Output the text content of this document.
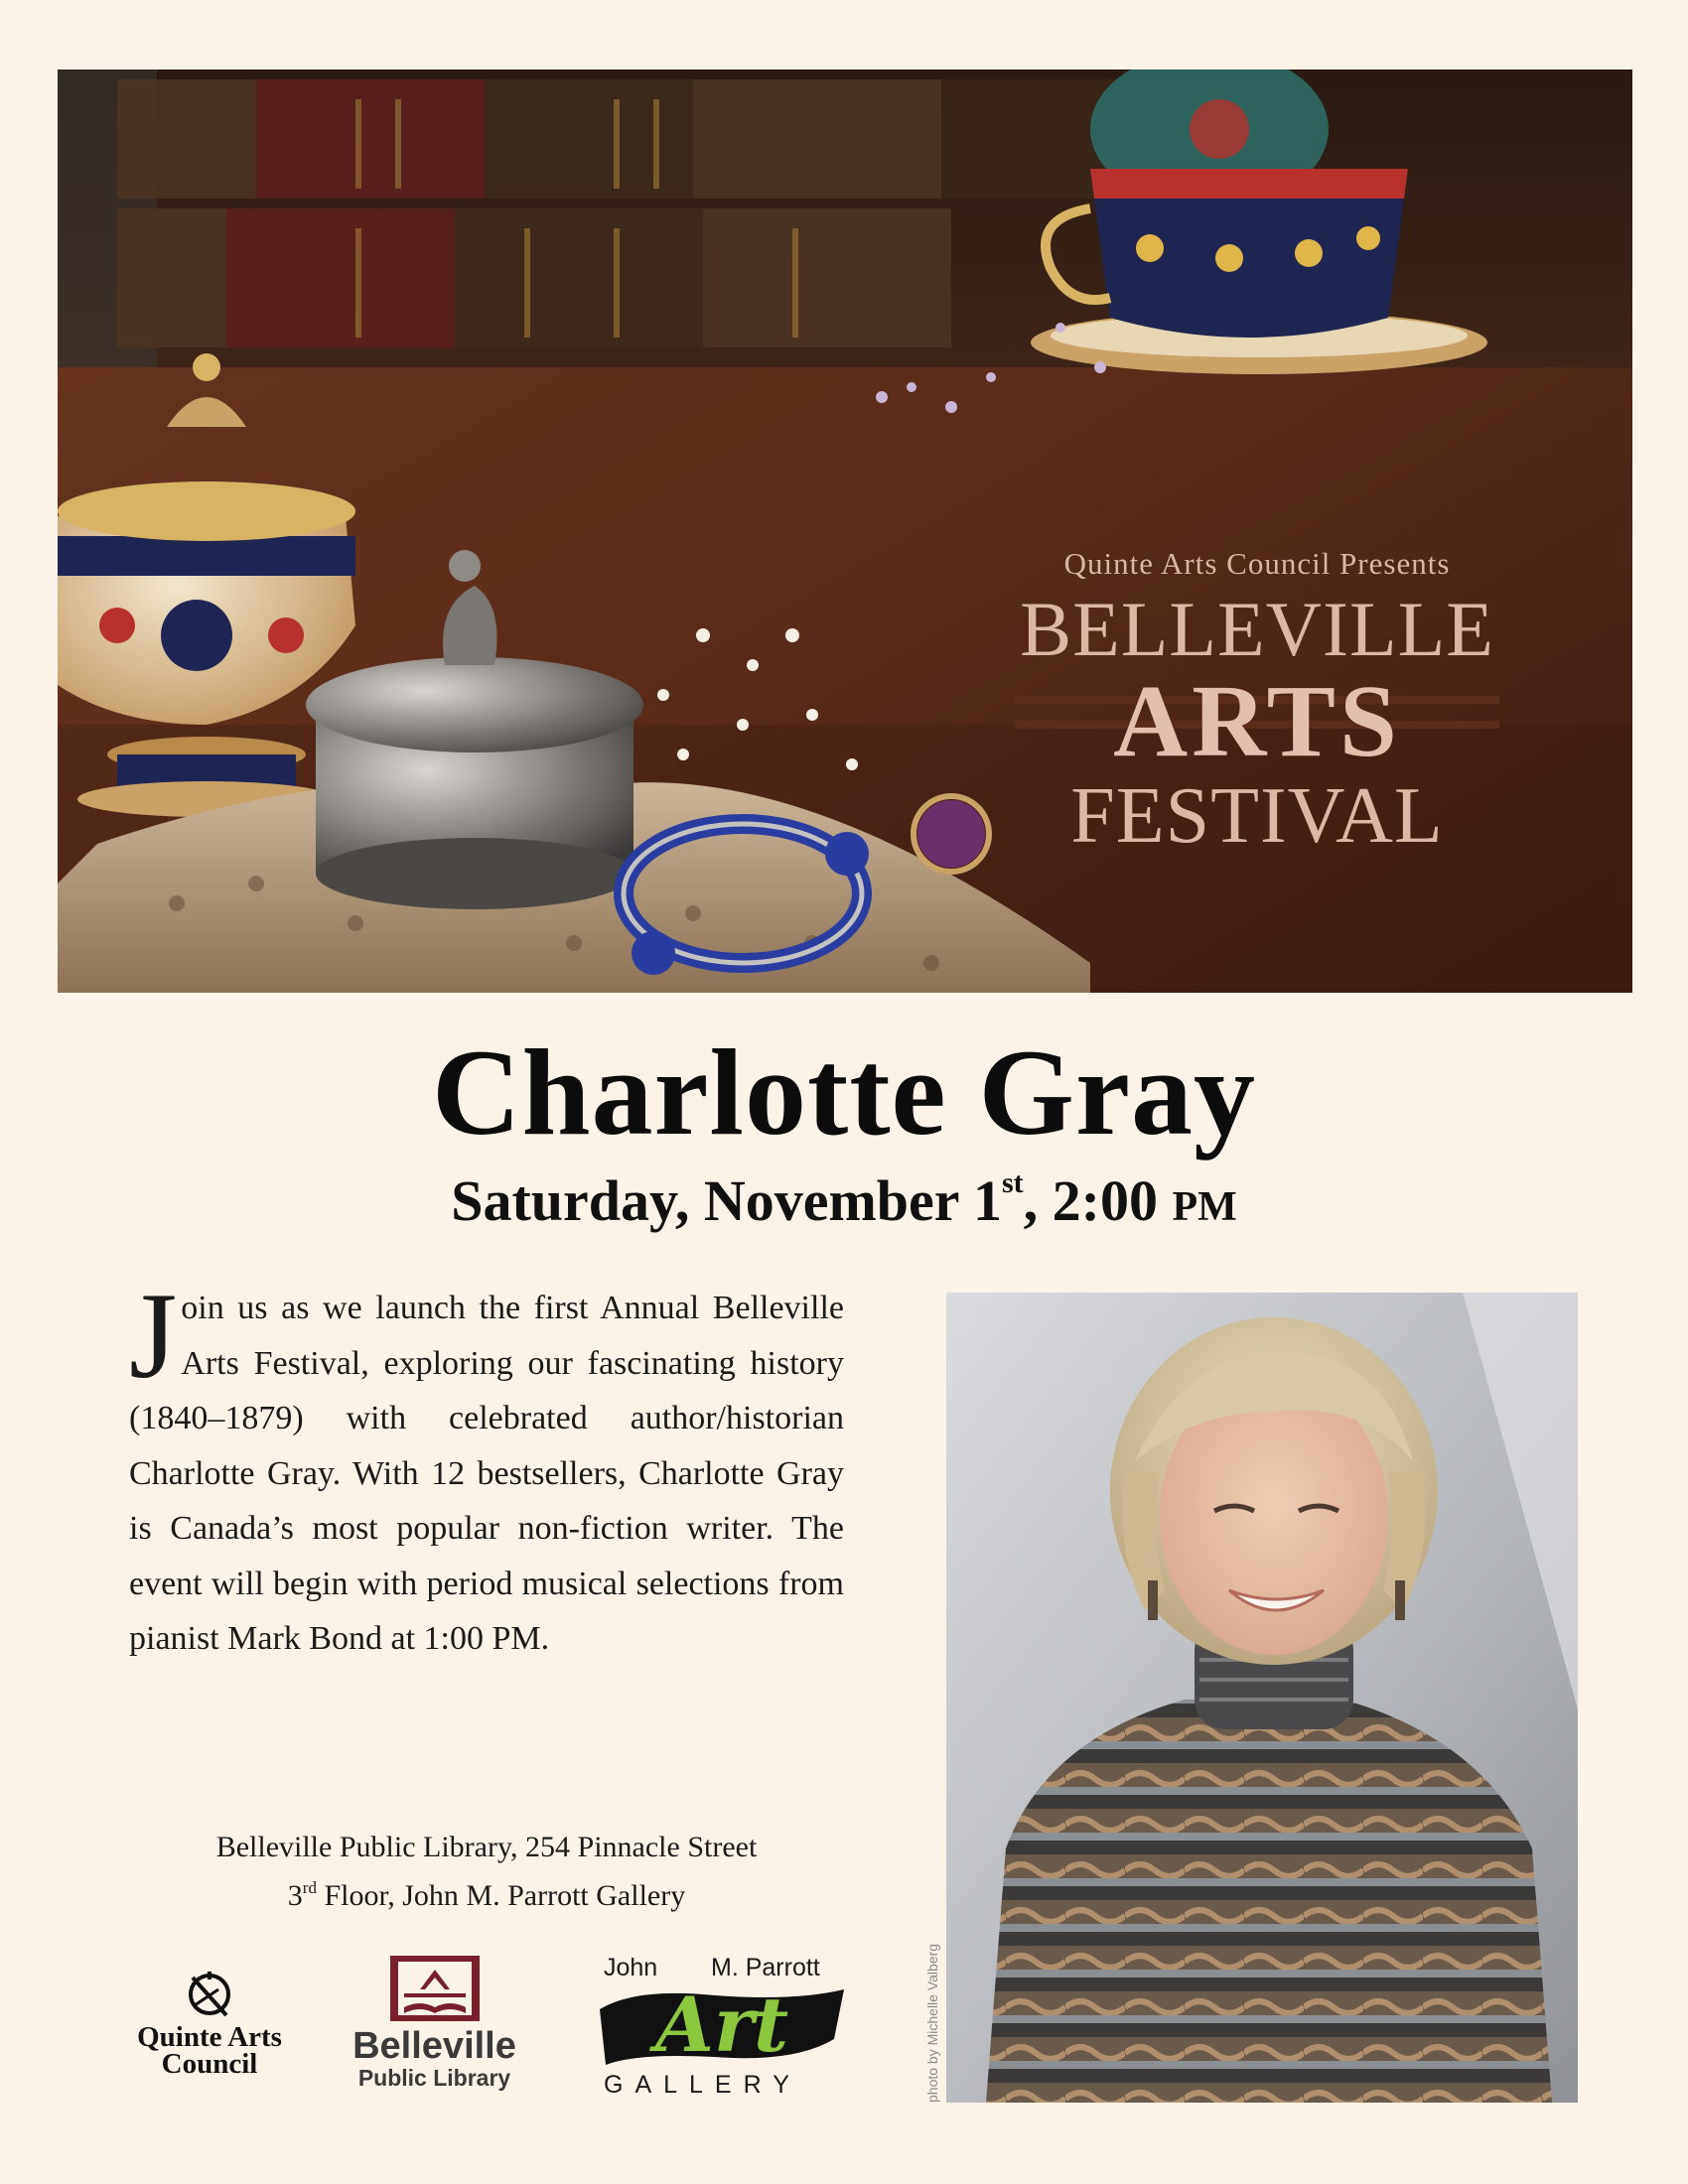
Quinte Arts Council Presents
BELLEVILLE
ARTS
FESTIVAL
Charlotte Gray
Saturday, November 1st, 2:00 PM
Join us as we launch the first Annual Belleville Arts Festival, exploring our fascinating history (1840–1879) with celebrated author/historian Charlotte Gray. With 12 bestsellers, Charlotte Gray is Canada’s most popular non-fiction writer. The event will begin with period musical selections from pianist Mark Bond at 1:00 PM.
Belleville Public Library, 254 Pinnacle Street
3rd Floor, John M. Parrott Gallery
photo by Michelle Valberg
Quinte Arts
Council	Belleville
Public Library
John M. Parrott
Art
GALLERY
